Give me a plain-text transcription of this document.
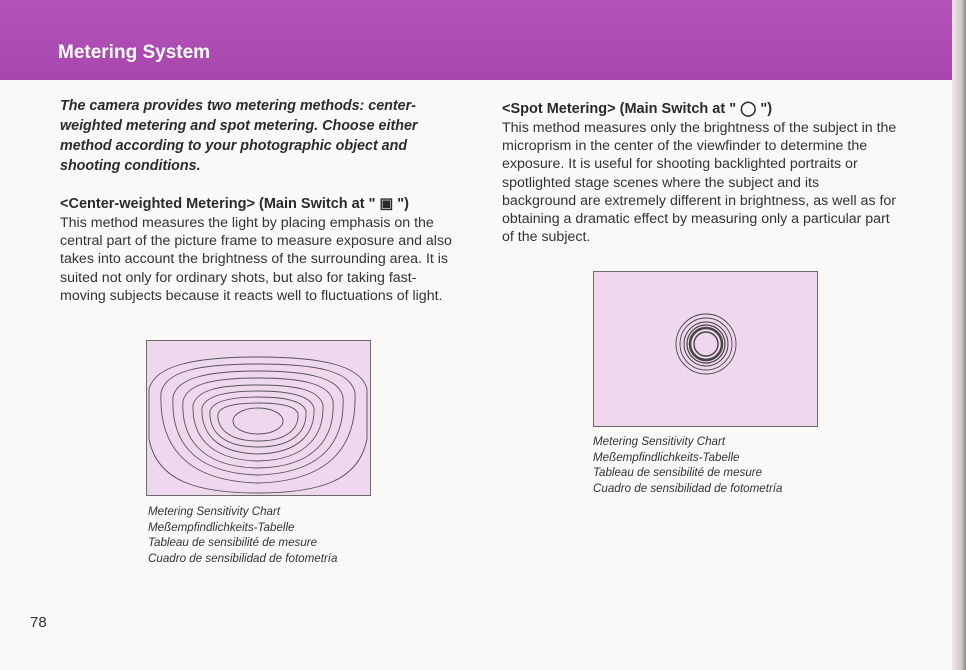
Metering System

The camera provides two metering methods: center-weighted metering and spot metering. Choose either method according to your photographic object and shooting conditions.

<Center-weighted Metering> (Main Switch at " ▣ ")

This method measures the light by placing emphasis on the central part of the picture frame to measure exposure and also takes into account the brightness of the surrounding area. It is suited not only for ordinary shots, but also for taking fast-moving subjects because it reacts well to fluctuations of light.

<Spot Metering> (Main Switch at " ◯ ")

This method measures only the brightness of the subject in the microprism in the center of the viewfinder to determine the exposure. It is useful for shooting backlighted portraits or spotlighted stage scenes where the subject and its background are extremely different in brightness, as well as for obtaining a dramatic effect by measuring only a particular part of the subject.

Metering Sensitivity Chart
Meßempfindlichkeits-Tabelle
Tableau de sensibilité de mesure
Cuadro de sensibilidad de fotometría
Metering Sensitivity Chart
Meßempfindlichkeits-Tabelle
Tableau de sensibilité de mesure
Cuadro de sensibilidad de fotometría
78
